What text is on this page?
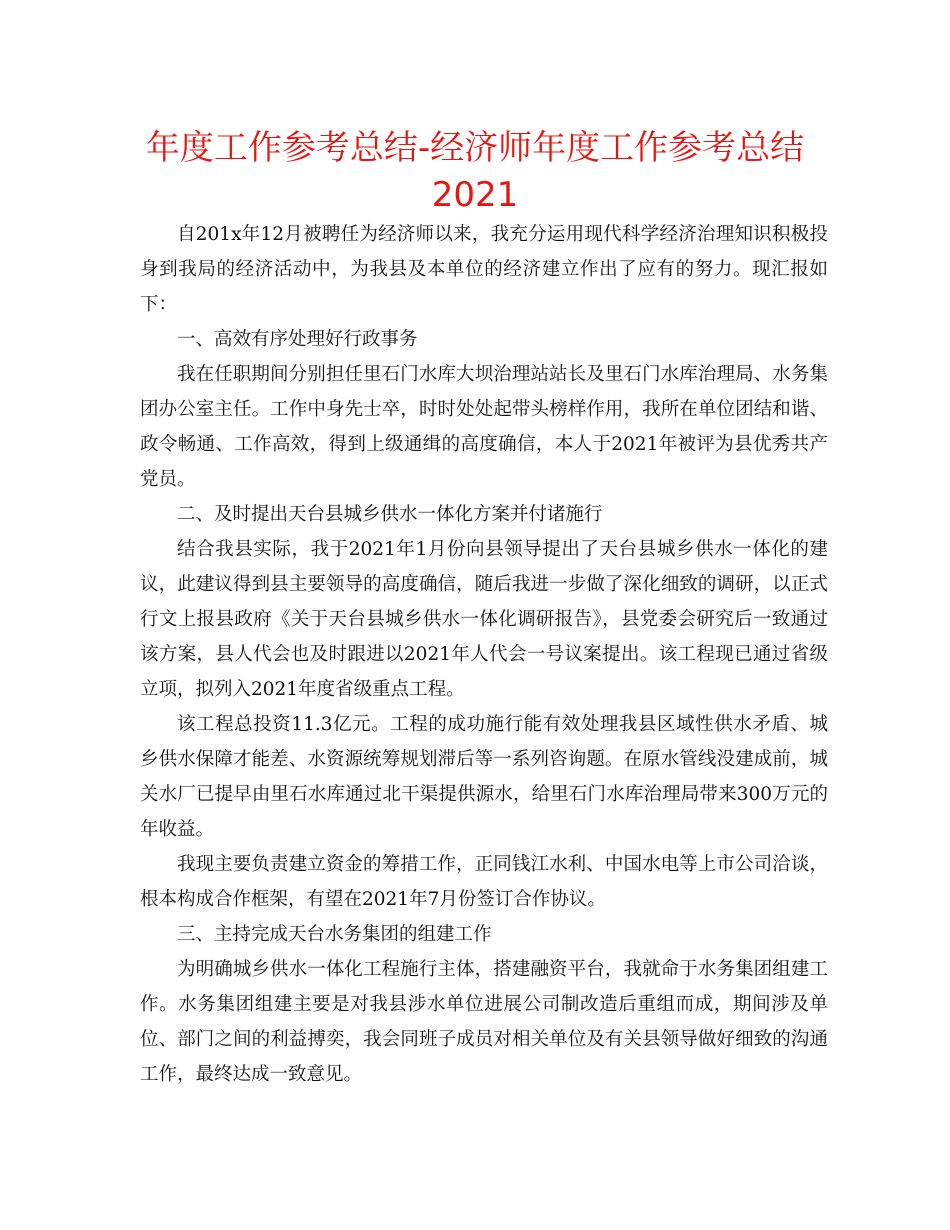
年度工作参考总结-经济师年度工作参考总结
2021

自201x年12月被聘任为经济师以来，我充分运用现代科学经济治理知识积极投身到我局的经济活动中，为我县及本单位的经济建立作出了应有的努力。现汇报如下：

一、高效有序处理好行政事务

我在任职期间分别担任里石门水库大坝治理站站长及里石门水库治理局、水务集团办公室主任。工作中身先士卒，时时处处起带头榜样作用，我所在单位团结和谐、政令畅通、工作高效，得到上级通缉的高度确信，本人于2021年被评为县优秀共产党员。

二、及时提出天台县城乡供水一体化方案并付诸施行

结合我县实际，我于2021年1月份向县领导提出了天台县城乡供水一体化的建议，此建议得到县主要领导的高度确信，随后我进一步做了深化细致的调研，以正式行文上报县政府《关于天台县城乡供水一体化调研报告》，县党委会研究后一致通过该方案，县人代会也及时跟进以2021年人代会一号议案提出。该工程现已通过省级立项，拟列入2021年度省级重点工程。

该工程总投资11.3亿元。工程的成功施行能有效处理我县区域性供水矛盾、城乡供水保障才能差、水资源统筹规划滞后等一系列咨询题。在原水管线没建成前，城关水厂已提早由里石水库通过北干渠提供源水，给里石门水库治理局带来300万元的年收益。

我现主要负责建立资金的筹措工作，正同钱江水利、中国水电等上市公司洽谈，根本构成合作框架，有望在2021年7月份签订合作协议。

三、主持完成天台水务集团的组建工作

为明确城乡供水一体化工程施行主体，搭建融资平台，我就命于水务集团组建工作。水务集团组建主要是对我县涉水单位进展公司制改造后重组而成，期间涉及单位、部门之间的利益搏奕，我会同班子成员对相关单位及有关县领导做好细致的沟通工作，最终达成一致意见。
